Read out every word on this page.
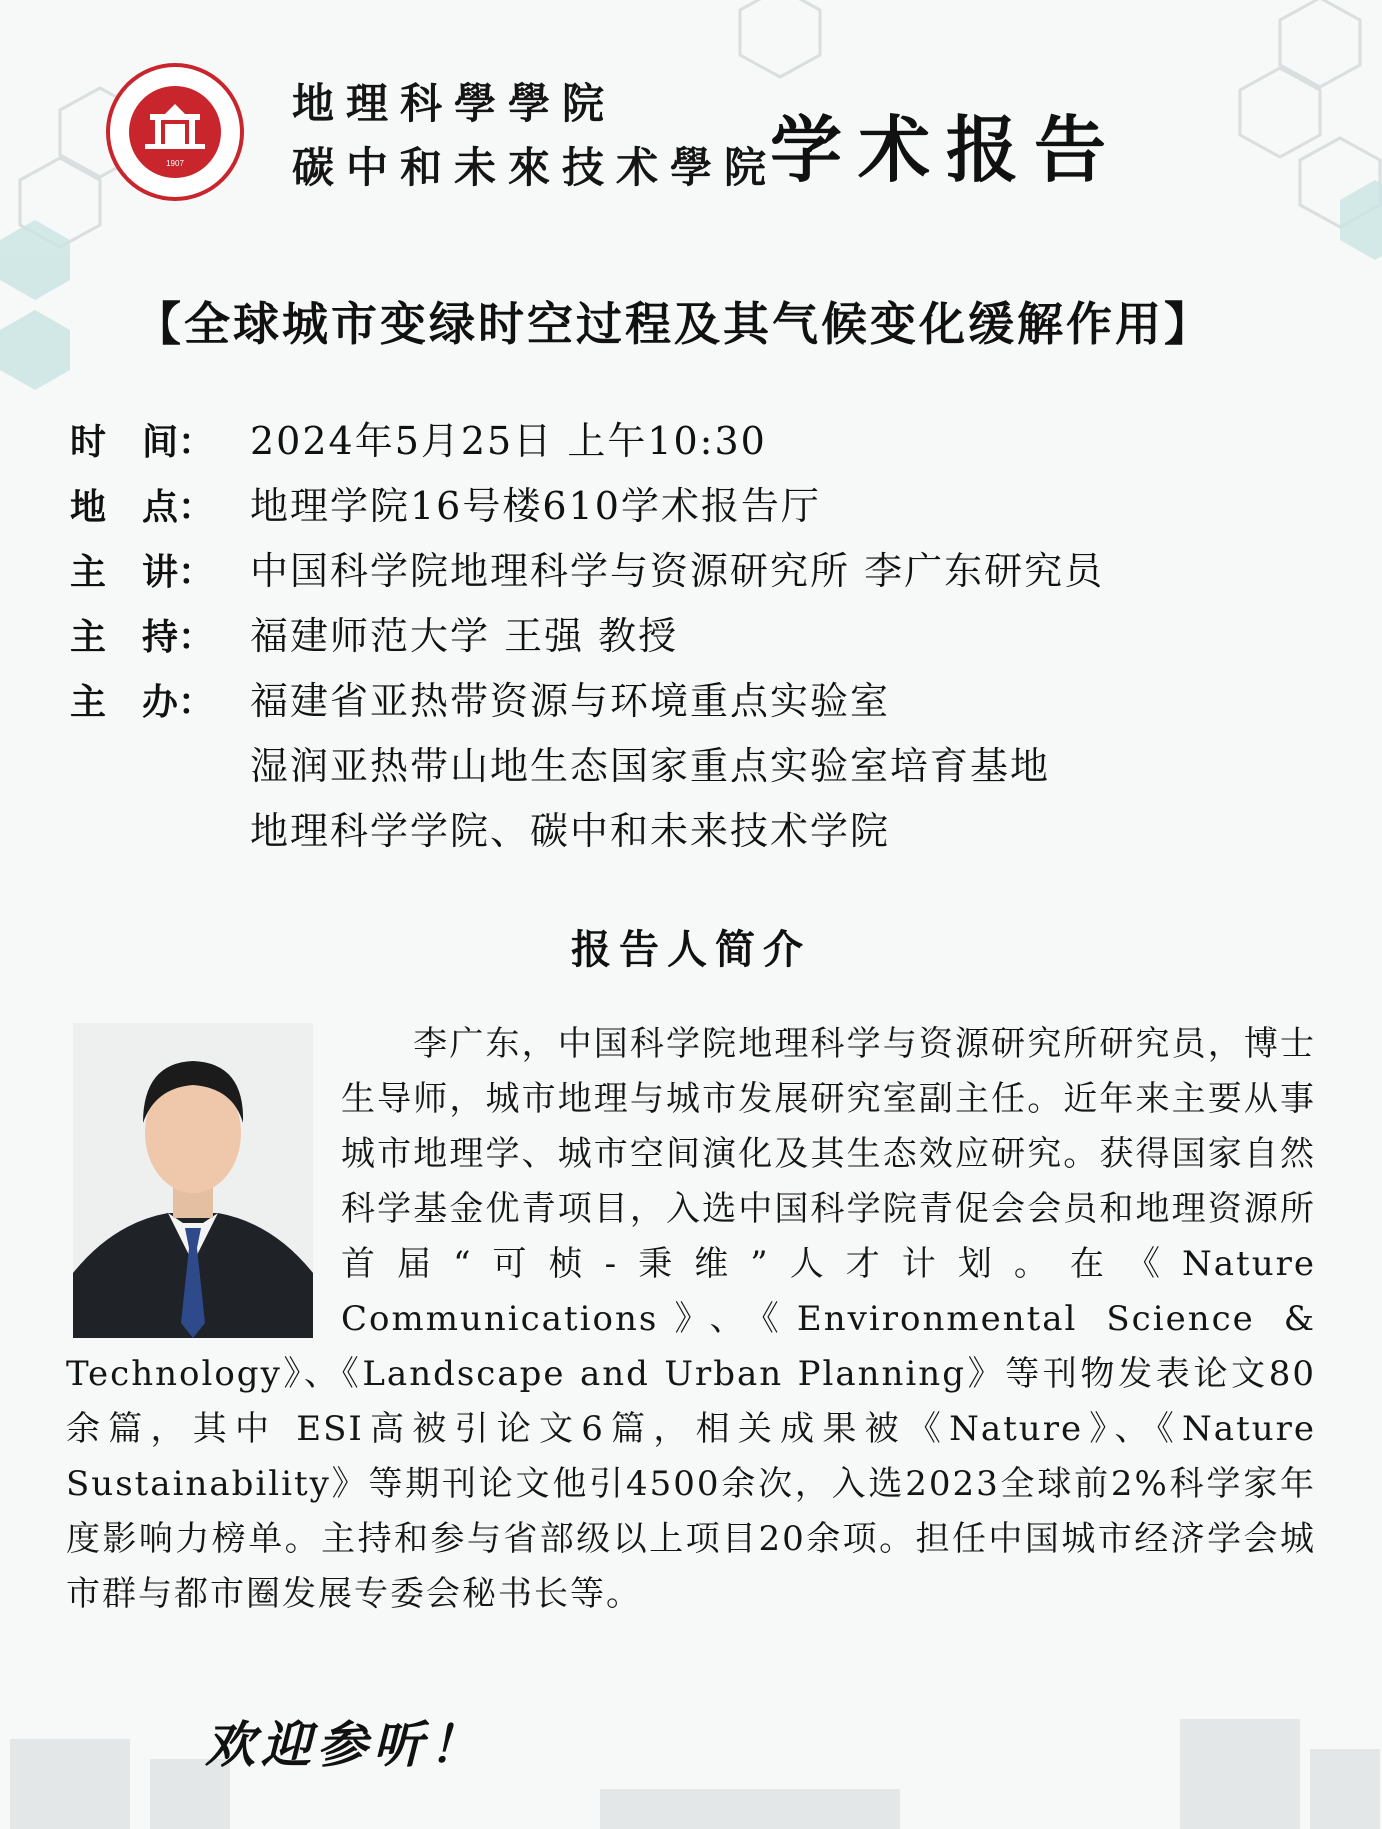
1907
地理科學學院
碳中和未來技术學院
学术报告
【全球城市变绿时空过程及其气候变化缓解作用】
时　间： 2024年5月25日 上午10:30
地　点： 地理学院16号楼610学术报告厅
主　讲： 中国科学院地理科学与资源研究所 李广东研究员
主　持： 福建师范大学 王强 教授
主　办： 福建省亚热带资源与环境重点实验室
湿润亚热带山地生态国家重点实验室培育基地
地理科学学院、碳中和未来技术学院
报告人简介

　　李广东，中国科学院地理科学与资源研究所研究员，博士生导师，城市地理与城市发展研究室副主任。近年来主要从事城市地理学、城市空间演化及其生态效应研究。获得国家自然科学基金优青项目，入选中国科学院青促会会员和地理资源所首届“可桢-秉维”人才计划。在《Nature Communications》、《Environmental Science & Technology》、《Landscape and Urban Planning》等刊物发表论文80余篇，其中 ESI高被引论文6篇，相关成果被《Nature》、《Nature Sustainability》等期刊论文他引4500余次，入选2023全球前2%科学家年度影响力榜单。主持和参与省部级以上项目20余项。担任中国城市经济学会城市群与都市圈发展专委会秘书长等。

欢迎参听！
